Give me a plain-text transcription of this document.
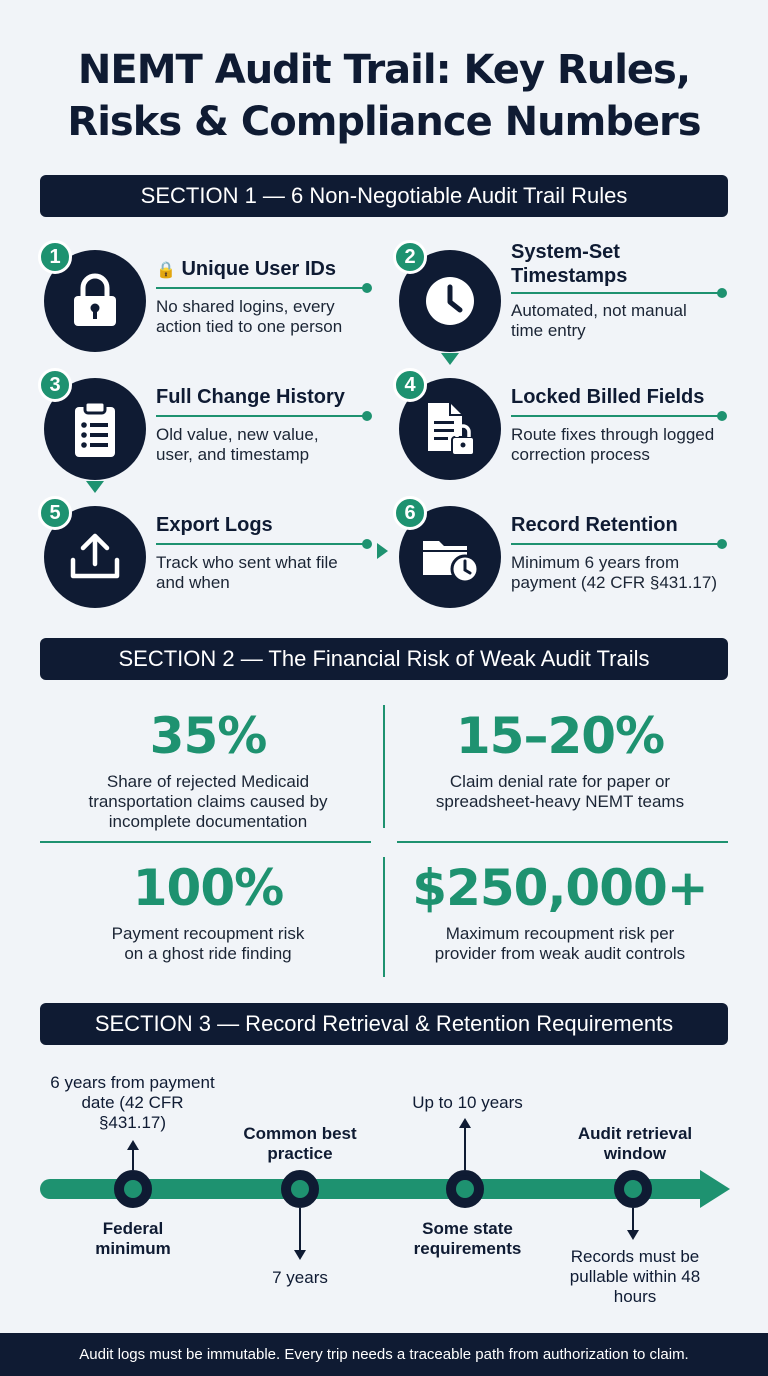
NEMT Audit Trail: Key Rules,
Risks & Compliance Numbers
SECTION 1 — 6 Non-Negotiable Audit Trail Rules
1
🔒 Unique User IDs
No shared logins, every action tied to one person
2	System-Set
Timestamps
Automated, not manual time entry
3
Full Change History
Old value, new value, user, and timestamp
4
Locked Billed Fields
Route fixes through logged correction process
5
Export Logs
Track who sent what file and when
6
Record Retention
Minimum 6 years from payment (42 CFR §431.17)
SECTION 2 — The Financial Risk of Weak Audit Trails
35%
Share of rejected Medicaid transportation claims caused by incomplete documentation
15–20%
Claim denial rate for paper or spreadsheet-heavy NEMT teams
100%
Payment recoupment risk on a ghost ride finding
$250,000+
Maximum recoupment risk per provider from weak audit controls
SECTION 3 — Record Retrieval & Retention Requirements
6 years from payment date (42 CFR §431.17)
Federal minimum
Common best practice
7 years
Up to 10 years
Some state requirements
Audit retrieval window
Records must be pullable within 48 hours
Audit logs must be immutable. Every trip needs a traceable path from authorization to claim.
